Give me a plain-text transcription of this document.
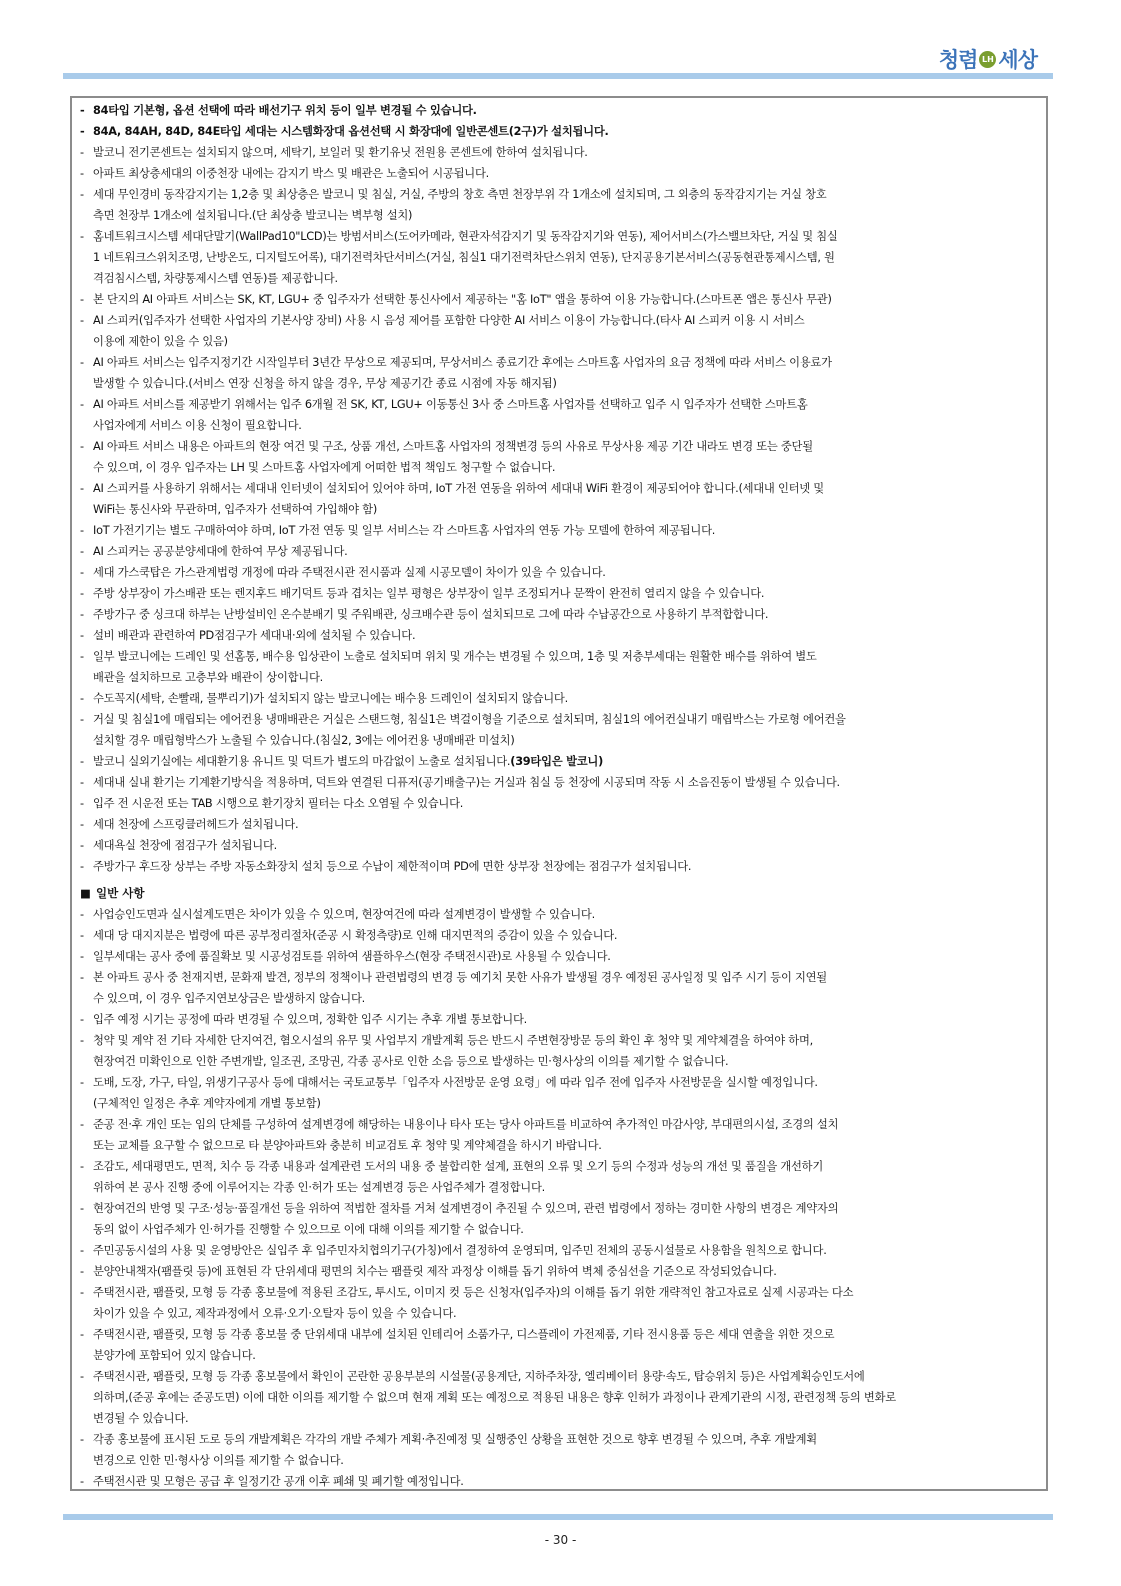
청렴 LH 세상
- 84타입 기본형, 옵션 선택에 따라 배선기구 위치 등이 일부 변경될 수 있습니다.
- 84A, 84AH, 84D, 84E타입 세대는 시스템화장대 옵션선택 시 화장대에 일반콘센트(2구)가 설치됩니다.
- 발코니 전기콘센트는 설치되지 않으며, 세탁기, 보일러 및 환기유닛 전원용 콘센트에 한하여 설치됩니다.
- 아파트 최상층세대의 이중천장 내에는 감지기 박스 및 배관은 노출되어 시공됩니다.
- 세대 무인경비 동작감지기는 1,2층 및 최상층은 발코니 및 침실, 거실, 주방의 창호 측면 천장부위 각 1개소에 설치되며, 그 외층의 동작감지기는 거실 창호
측면 천장부 1개소에 설치됩니다.(단 최상층 발코니는 벽부형 설치)
- 홈네트워크시스템 세대단말기(WallPad10"LCD)는 방범서비스(도어카메라, 현관자석감지기 및 동작감지기와 연동), 제어서비스(가스밸브차단, 거실 및 침실
1 네트워크스위치조명, 난방온도, 디지털도어록), 대기전력차단서비스(거실, 침실1 대기전력차단스위치 연동), 단지공용기본서비스(공동현관통제시스템, 원
격검침시스템, 차량통제시스템 연동)를 제공합니다.
- 본 단지의 AI 아파트 서비스는 SK, KT, LGU+ 중 입주자가 선택한 통신사에서 제공하는 "홈 IoT" 앱을 통하여 이용 가능합니다.(스마트폰 앱은 통신사 무관)
- AI 스피커(입주자가 선택한 사업자의 기본사양 장비) 사용 시 음성 제어를 포함한 다양한 AI 서비스 이용이 가능합니다.(타사 AI 스피커 이용 시 서비스
이용에 제한이 있을 수 있음)
- AI 아파트 서비스는 입주지정기간 시작일부터 3년간 무상으로 제공되며, 무상서비스 종료기간 후에는 스마트홈 사업자의 요금 정책에 따라 서비스 이용료가
발생할 수 있습니다.(서비스 연장 신청을 하지 않을 경우, 무상 제공기간 종료 시점에 자동 해지됨)
- AI 아파트 서비스를 제공받기 위해서는 입주 6개월 전 SK, KT, LGU+ 이동통신 3사 중 스마트홈 사업자를 선택하고 입주 시 입주자가 선택한 스마트홈
사업자에게 서비스 이용 신청이 필요합니다.
- AI 아파트 서비스 내용은 아파트의 현장 여건 및 구조, 상품 개선, 스마트홈 사업자의 정책변경 등의 사유로 무상사용 제공 기간 내라도 변경 또는 중단될
수 있으며, 이 경우 입주자는 LH 및 스마트홈 사업자에게 어떠한 법적 책임도 청구할 수 없습니다.
- AI 스피커를 사용하기 위해서는 세대내 인터넷이 설치되어 있어야 하며, IoT 가전 연동을 위하여 세대내 WiFi 환경이 제공되어야 합니다.(세대내 인터넷 및
WiFi는 통신사와 무관하며, 입주자가 선택하여 가입해야 함)
- IoT 가전기기는 별도 구매하여야 하며, IoT 가전 연동 및 일부 서비스는 각 스마트홈 사업자의 연동 가능 모델에 한하여 제공됩니다.
- AI 스피커는 공공분양세대에 한하여 무상 제공됩니다.
- 세대 가스쿡탑은 가스관계법령 개정에 따라 주택전시관 전시품과 실제 시공모델이 차이가 있을 수 있습니다.
- 주방 상부장이 가스배관 또는 렌지후드 배기덕트 등과 겹치는 일부 평형은 상부장이 일부 조정되거나 문짝이 완전히 열리지 않을 수 있습니다.
- 주방가구 중 싱크대 하부는 난방설비인 온수분배기 및 주워배관, 싱크배수관 등이 설치되므로 그에 따라 수납공간으로 사용하기 부적합합니다.
- 설비 배관과 관련하여 PD점검구가 세대내·외에 설치될 수 있습니다.
- 일부 발코니에는 드레인 및 선홈통, 배수용 입상관이 노출로 설치되며 위치 및 개수는 변경될 수 있으며, 1층 및 저층부세대는 원활한 배수를 위하여 별도
배관을 설치하므로 고층부와 배관이 상이합니다.
- 수도꼭지(세탁, 손빨래, 물뿌리기)가 설치되지 않는 발코니에는 배수용 드레인이 설치되지 않습니다.
- 거실 및 침실1에 매립되는 에어컨용 냉매배관은 거실은 스탠드형, 침실1은 벽걸이형을 기준으로 설치되며, 침실1의 에어컨실내기 매립박스는 가로형 에어컨을
설치할 경우 매립형박스가 노출될 수 있습니다.(침실2, 3에는 에어컨용 냉매배관 미설치)
- 발코니 실외기실에는 세대환기용 유니트 및 덕트가 별도의 마감없이 노출로 설치됩니다. (39타입은 발코니)
- 세대내 실내 환기는 기계환기방식을 적용하며, 덕트와 연결된 디퓨저(공기배출구)는 거실과 침실 등 천장에 시공되며 작동 시 소음진동이 발생될 수 있습니다.
- 입주 전 시운전 또는 TAB 시행으로 환기장치 필터는 다소 오염될 수 있습니다.
- 세대 천장에 스프링클러헤드가 설치됩니다.
- 세대욕실 천장에 점검구가 설치됩니다.
- 주방가구 후드장 상부는 주방 자동소화장치 설치 등으로 수납이 제한적이며 PD에 면한 상부장 천장에는 점검구가 설치됩니다.
■ 일반 사항
- 사업승인도면과 실시설계도면은 차이가 있을 수 있으며, 현장여건에 따라 설계변경이 발생할 수 있습니다.
- 세대 당 대지지분은 법령에 따른 공부정리절차(준공 시 확정측량)로 인해 대지면적의 증감이 있을 수 있습니다.
- 일부세대는 공사 중에 품질확보 및 시공성검토를 위하여 샘플하우스(현장 주택전시관)로 사용될 수 있습니다.
- 본 아파트 공사 중 천재지변, 문화재 발견, 정부의 정책이나 관련법령의 변경 등 예기치 못한 사유가 발생될 경우 예정된 공사일정 및 입주 시기 등이 지연될
수 있으며, 이 경우 입주지연보상금은 발생하지 않습니다.
- 입주 예정 시기는 공정에 따라 변경될 수 있으며, 정확한 입주 시기는 추후 개별 통보합니다.
- 청약 및 계약 전 기타 자세한 단지여건, 혐오시설의 유무 및 사업부지 개발계획 등은 반드시 주변현장방문 등의 확인 후 청약 및 계약체결을 하여야 하며,
현장여건 미확인으로 인한 주변개발, 일조권, 조망권, 각종 공사로 인한 소음 등으로 발생하는 민·형사상의 이의를 제기할 수 없습니다.
- 도배, 도장, 가구, 타일, 위생기구공사 등에 대해서는 국토교통부「입주자 사전방문 운영 요령」에 따라 입주 전에 입주자 사전방문을 실시할 예정입니다.
(구체적인 일정은 추후 계약자에게 개별 통보함)
- 준공 전·후 개인 또는 임의 단체를 구성하여 설계변경에 해당하는 내용이나 타사 또는 당사 아파트를 비교하여 추가적인 마감사양, 부대편의시설, 조경의 설치
또는 교체를 요구할 수 없으므로 타 분양아파트와 충분히 비교검토 후 청약 및 계약체결을 하시기 바랍니다.
- 조감도, 세대평면도, 면적, 치수 등 각종 내용과 설계관련 도서의 내용 중 불합리한 설계, 표현의 오류 및 오기 등의 수정과 성능의 개선 및 품질을 개선하기
위하여 본 공사 진행 중에 이루어지는 각종 인·허가 또는 설계변경 등은 사업주체가 결정합니다.
- 현장여건의 반영 및 구조·성능·품질개선 등을 위하여 적법한 절차를 거쳐 설계변경이 추진될 수 있으며, 관련 법령에서 정하는 경미한 사항의 변경은 계약자의
동의 없이 사업주체가 인·허가를 진행할 수 있으므로 이에 대해 이의를 제기할 수 없습니다.
- 주민공동시설의 사용 및 운영방안은 실입주 후 입주민자치협의기구(가칭)에서 결정하여 운영되며, 입주민 전체의 공동시설물로 사용함을 원칙으로 합니다.
- 분양안내책자(팸플릿 등)에 표현된 각 단위세대 평면의 치수는 팸플릿 제작 과정상 이해를 돕기 위하여 벽체 중심선을 기준으로 작성되었습니다.
- 주택전시관, 팸플릿, 모형 등 각종 홍보물에 적용된 조감도, 투시도, 이미지 컷 등은 신청자(입주자)의 이해를 돕기 위한 개략적인 참고자료로 실제 시공과는 다소
차이가 있을 수 있고, 제작과정에서 오류·오기·오탈자 등이 있을 수 있습니다.
- 주택전시관, 팸플릿, 모형 등 각종 홍보물 중 단위세대 내부에 설치된 인테리어 소품가구, 디스플레이 가전제품, 기타 전시용품 등은 세대 연출을 위한 것으로
분양가에 포함되어 있지 않습니다.
- 주택전시관, 팸플릿, 모형 등 각종 홍보물에서 확인이 곤란한 공용부분의 시설물(공용계단, 지하주차장, 엘리베이터 용량·속도, 탑승위치 등)은 사업계획승인도서에
의하며,(준공 후에는 준공도면) 이에 대한 이의를 제기할 수 없으며 현재 계획 또는 예정으로 적용된 내용은 향후 인허가 과정이나 관계기관의 시정, 관련정책 등의 변화로
변경될 수 있습니다.
- 각종 홍보물에 표시된 도로 등의 개발계획은 각각의 개발 주체가 계획·추진예정 및 실행중인 상황을 표현한 것으로 향후 변경될 수 있으며, 추후 개발계획
변경으로 인한 민·형사상 이의를 제기할 수 없습니다.
- 주택전시관 및 모형은 공급 후 일정기간 공개 이후 폐쇄 및 폐기할 예정입니다.
- 30 -
